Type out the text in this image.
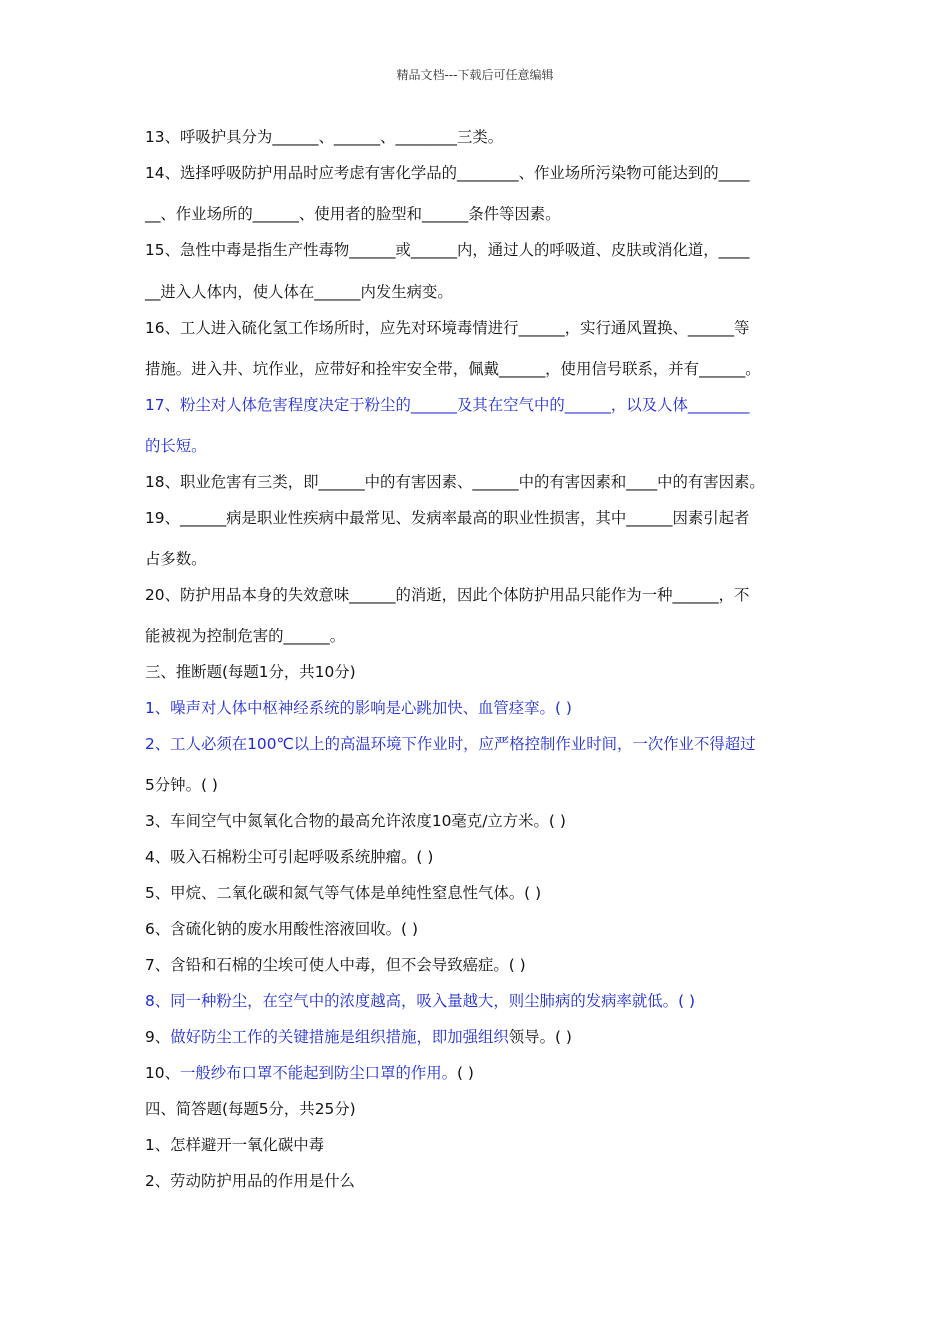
精品文档---下载后可任意编辑
13、呼吸护具分为______、______、________三类。
14、选择呼吸防护用品时应考虑有害化学品的________、作业场所污染物可能达到的____
__、作业场所的______、使用者的脸型和______条件等因素。
15、急性中毒是指生产性毒物______或______内，通过人的呼吸道、皮肤或消化道，____
__进入人体内，使人体在______内发生病变。
16、工人进入硫化氢工作场所时，应先对环境毒情进行______，实行通风置换、______等
措施。进入井、坑作业，应带好和拴牢安全带，佩戴______，使用信号联系，并有______。
17、粉尘对人体危害程度决定于粉尘的______及其在空气中的______，以及人体________
的长短。
18、职业危害有三类，即______中的有害因素、______中的有害因素和____中的有害因素。
19、______病是职业性疾病中最常见、发病率最高的职业性损害，其中______因素引起者
占多数。
20、防护用品本身的失效意味______的消逝，因此个体防护用品只能作为一种______，不
能被视为控制危害的______。
三、推断题(每题1分，共10分)
1、噪声对人体中枢神经系统的影响是心跳加快、血管痉挛。( )
2、工人必须在100℃以上的高温环境下作业时，应严格控制作业时间，一次作业不得超过
5分钟。( )
3、车间空气中氮氧化合物的最高允许浓度10毫克/立方米。( )
4、吸入石棉粉尘可引起呼吸系统肿瘤。( )
5、甲烷、二氧化碳和氮气等气体是单纯性窒息性气体。( )
6、含硫化钠的废水用酸性溶液回收。( )
7、含铅和石棉的尘埃可使人中毒，但不会导致癌症。( )
8、同一种粉尘，在空气中的浓度越高，吸入量越大，则尘肺病的发病率就低。( )
9、做好防尘工作的关键措施是组织措施，即加强组织领导。( )
10、一般纱布口罩不能起到防尘口罩的作用。( )
四、简答题(每题5分，共25分)
1、怎样避开一氧化碳中毒
2、劳动防护用品的作用是什么
